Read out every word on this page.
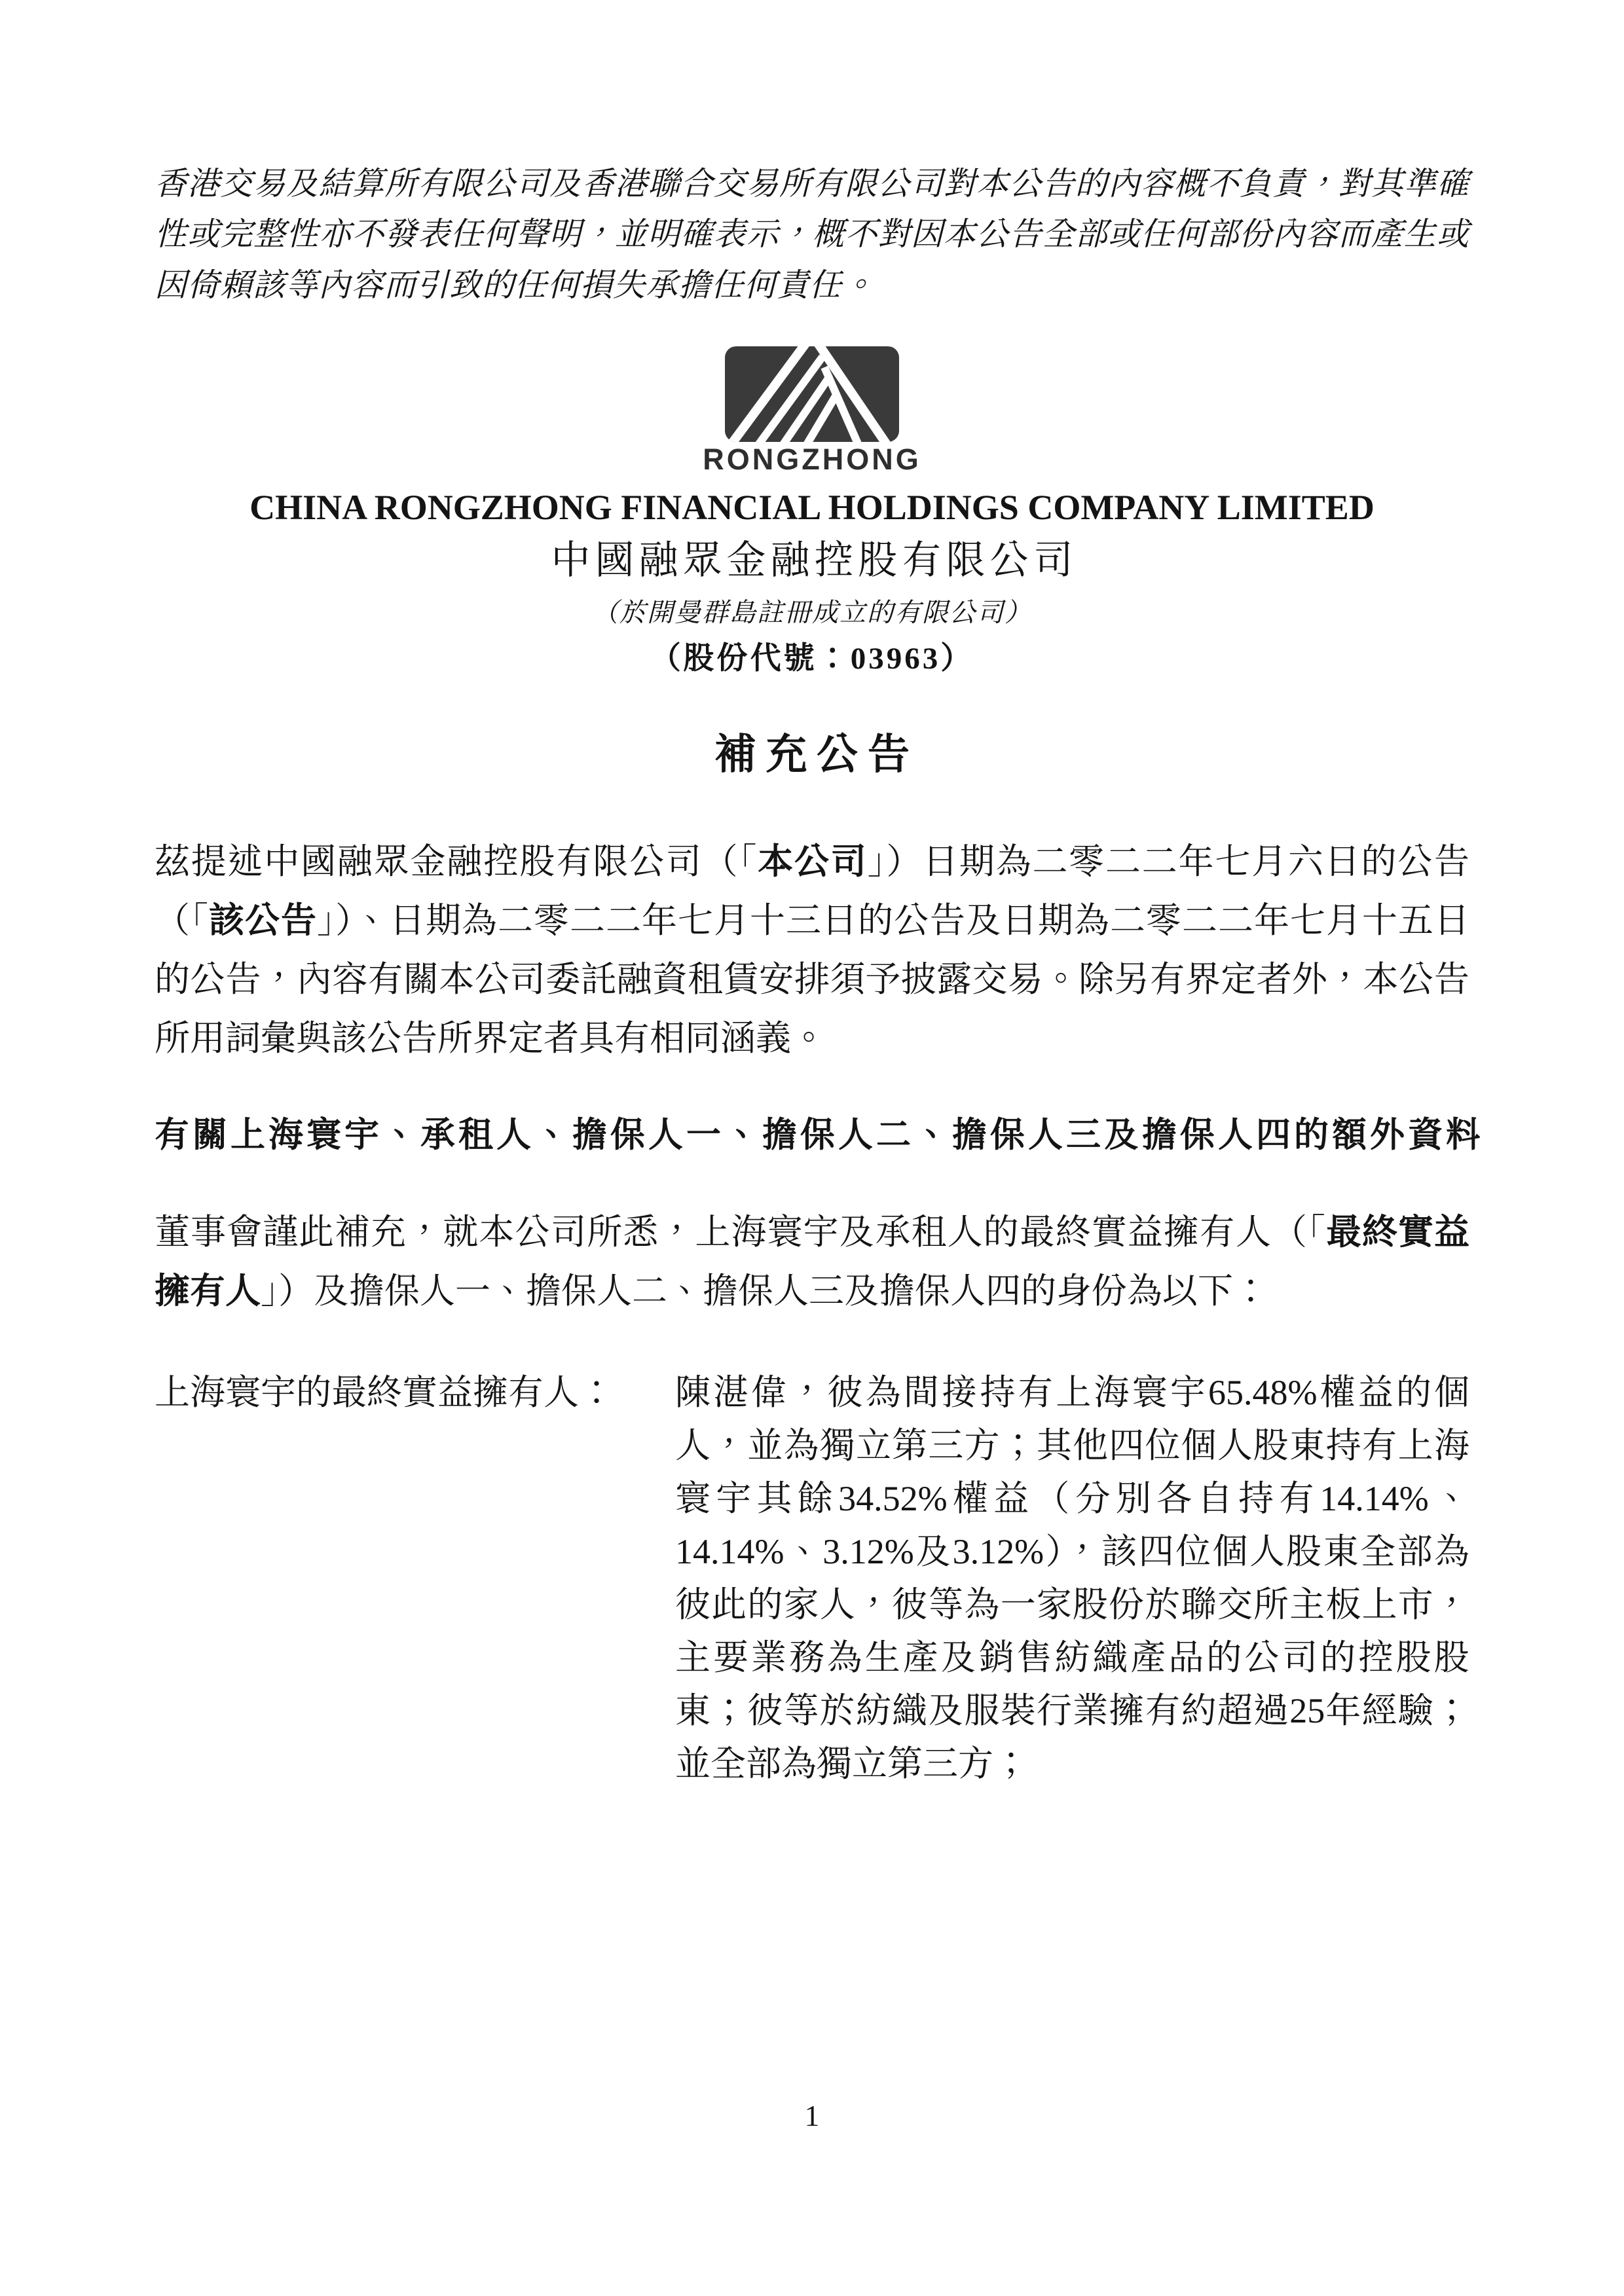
香港交易及結算所有限公司及香港聯合交易所有限公司對本公告的內容概不負責，對其準確性或完整性亦不發表任何聲明，並明確表示，概不對因本公告全部或任何部份內容而產生或因倚賴該等內容而引致的任何損失承擔任何責任。

RONGZHONG
CHINA RONGZHONG FINANCIAL HOLDINGS COMPANY LIMITED
中國融眾金融控股有限公司
（於開曼群島註冊成立的有限公司）
（股份代號：03963）
補充公告

茲提述中國融眾金融控股有限公司（「本公司」）日期為二零二二年七月六日的公告（「該公告」）、日期為二零二二年七月十三日的公告及日期為二零二二年七月十五日的公告，內容有關本公司委託融資租賃安排須予披露交易。除另有界定者外，本公告所用詞彙與該公告所界定者具有相同涵義。

有關上海寰宇、承租人、擔保人一、擔保人二、擔保人三及擔保人四的額外資料

董事會謹此補充，就本公司所悉，上海寰宇及承租人的最終實益擁有人（「最終實益擁有人」）及擔保人一、擔保人二、擔保人三及擔保人四的身份為以下：

上海寰宇的最終實益擁有人：	陳湛偉，彼為間接持有上海寰宇65.48%權益的個人，並為獨立第三方；其他四位個人股東持有上海寰宇其餘34.52%權益（分別各自持有14.14%、14.14%、3.12%及3.12%），該四位個人股東全部為彼此的家人，彼等為一家股份於聯交所主板上市，主要業務為生產及銷售紡織產品的公司的控股股東；彼等於紡織及服裝行業擁有約超過25年經驗；並全部為獨立第三方；
1
